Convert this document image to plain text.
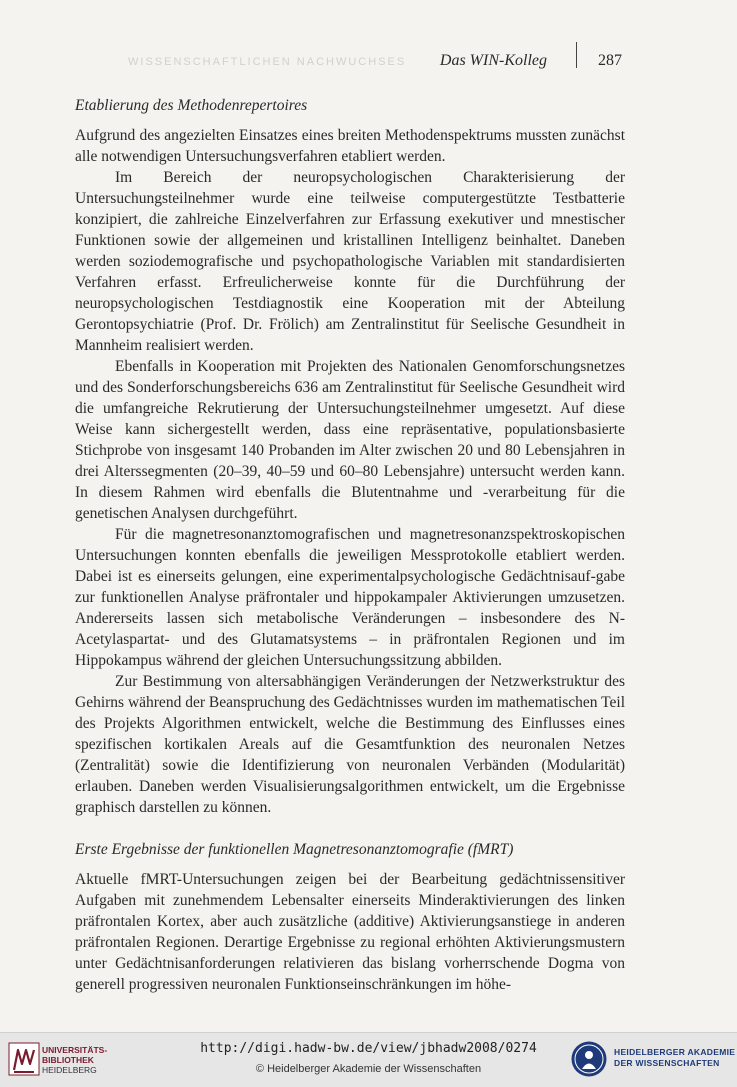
WISSENSCHAFTLICHEN NACHWUCHSES Das WIN-Kolleg	287
Etablierung des Methodenrepertoires

Aufgrund des angezielten Einsatzes eines breiten Methodenspektrums mussten zunächst alle notwendigen Untersuchungsverfahren etabliert werden.

Im Bereich der neuropsychologischen Charakterisierung der Untersuchungsteilnehmer wurde eine teilweise computergestützte Testbatterie konzipiert, die zahlreiche Einzelverfahren zur Erfassung exekutiver und mnestischer Funktionen sowie der allgemeinen und kristallinen Intelligenz beinhaltet. Daneben werden soziodemografische und psychopathologische Variablen mit standardisierten Verfahren erfasst. Erfreulicherweise konnte für die Durchführung der neuropsychologischen Testdiagnostik eine Kooperation mit der Abteilung Gerontopsychiatrie (Prof. Dr. Frölich) am Zentralinstitut für Seelische Gesundheit in Mannheim realisiert werden.

Ebenfalls in Kooperation mit Projekten des Nationalen Genomforschungsnetzes und des Sonderforschungsbereichs 636 am Zentralinstitut für Seelische Gesundheit wird die umfangreiche Rekrutierung der Untersuchungsteilnehmer umgesetzt. Auf diese Weise kann sichergestellt werden, dass eine repräsentative, populationsbasierte Stichprobe von insgesamt 140 Probanden im Alter zwischen 20 und 80 Lebensjahren in drei Alterssegmenten (20–39, 40–59 und 60–80 Lebensjahre) untersucht werden kann. In diesem Rahmen wird ebenfalls die Blutentnahme und -verarbeitung für die genetischen Analysen durchgeführt.

Für die magnetresonanztomografischen und magnetresonanzspektroskopischen Untersuchungen konnten ebenfalls die jeweiligen Messprotokolle etabliert werden. Dabei ist es einerseits gelungen, eine experimentalpsychologische Gedächtnisauf-gabe zur funktionellen Analyse präfrontaler und hippokampaler Aktivierungen umzusetzen. Andererseits lassen sich metabolische Veränderungen – insbesondere des N-Acetylaspartat- und des Glutamatsystems – in präfrontalen Regionen und im Hippokampus während der gleichen Untersuchungssitzung abbilden.

Zur Bestimmung von altersabhängigen Veränderungen der Netzwerkstruktur des Gehirns während der Beanspruchung des Gedächtnisses wurden im mathematischen Teil des Projekts Algorithmen entwickelt, welche die Bestimmung des Einflusses eines spezifischen kortikalen Areals auf die Gesamtfunktion des neuronalen Netzes (Zentralität) sowie die Identifizierung von neuronalen Verbänden (Modularität) erlauben. Daneben werden Visualisierungsalgorithmen entwickelt, um die Ergebnisse graphisch darstellen zu können.

Erste Ergebnisse der funktionellen Magnetresonanztomografie (fMRT)

Aktuelle fMRT-Untersuchungen zeigen bei der Bearbeitung gedächtnissensitiver Aufgaben mit zunehmendem Lebensalter einerseits Minderaktivierungen des linken präfrontalen Kortex, aber auch zusätzliche (additive) Aktivierungsanstiege in anderen präfrontalen Regionen. Derartige Ergebnisse zu regional erhöhten Aktivierungsmustern unter Gedächtnisanforderungen relativieren das bislang vorherrschende Dogma von generell progressiven neuronalen Funktionseinschränkungen im höhe-

UNIVERSITÄTS-
BIBLIOTHEK
HEIDELBERG
http://digi.hadw-bw.de/view/jbhadw2008/0274
© Heidelberger Akademie der Wissenschaften
HEIDELBERGER AKADEMIE
DER WISSENSCHAFTEN
